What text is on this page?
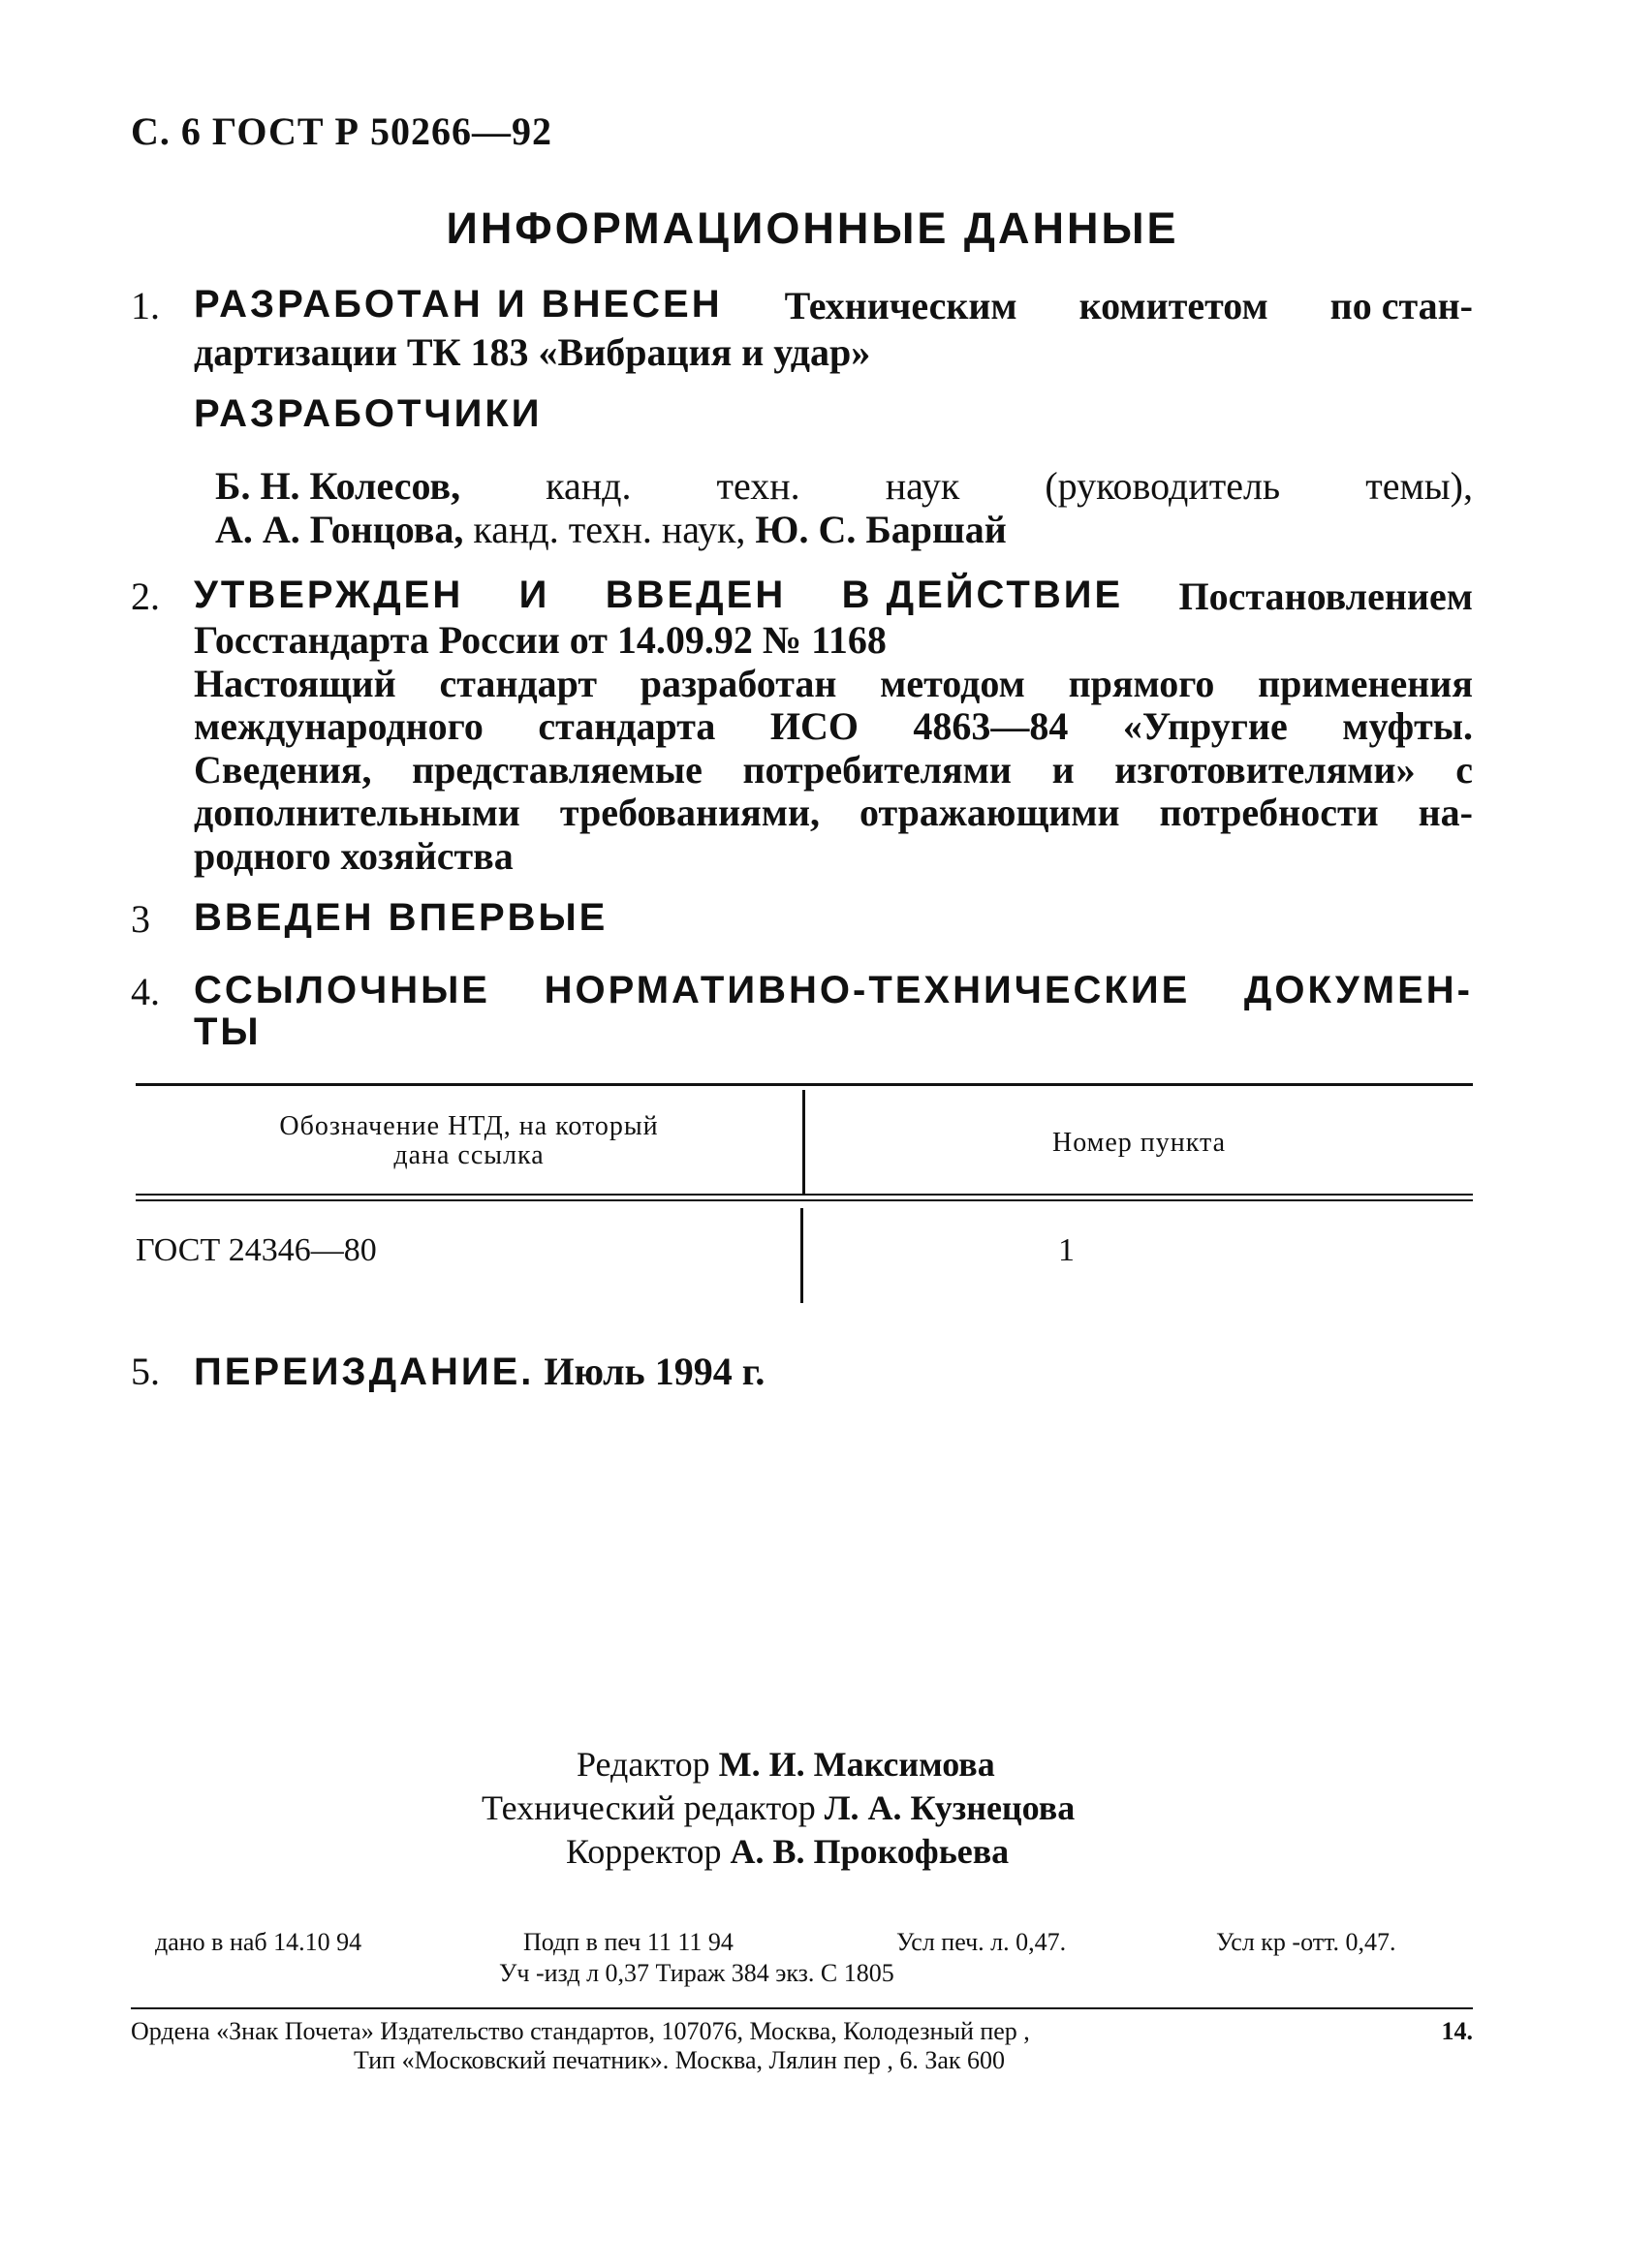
С. 6 ГОСТ Р 50266—92
ИНФОРМАЦИОННЫЕ ДАННЫЕ
1. РАЗРАБОТАН И ВНЕСЕН Техническим комитетом по стан-
дартизации ТК 183 «Вибрация и удар»
РАЗРАБОТЧИКИ
Б. Н. Колесов, канд. техн. наук (руководитель темы),
А. А. Гонцова, канд. техн. наук, Ю. С. Баршай
2. УТВЕРЖДЕН И ВВЕДЕН В ДЕЙСТВИЕ Постановлением
Госстандарта России от 14.09.92 № 1168
Настоящий стандарт разработан методом прямого применения
международного стандарта ИСО 4863—84 «Упругие муфты.
Сведения, представляемые потребителями и изготовителями» с
дополнительными требованиями, отражающими потребности на-
родного хозяйства
3 ВВЕДЕН ВПЕРВЫЕ
4. ССЫЛОЧНЫЕ НОРМАТИВНО-ТЕХНИЧЕСКИЕ ДОКУМЕН-
ТЫ
Обозначение НТД, на который
дана ссылка	Номер пункта
ГОСТ 24346—80	1
5. ПЕРЕИЗДАНИЕ. Июль 1994 г.
Редактор М. И. Максимова
Технический редактор Л. А. Кузнецова
Корректор А. В. Прокофьева
дано в наб 14.10 94	Подп в печ 11 11 94	Усл печ. л. 0,47.	Усл кр -отт. 0,47.
Уч -изд л 0,37 Тираж 384 экз. С 1805
Ордена «Знак Почета» Издательство стандартов, 107076, Москва, Колодезный пер ,	14.
Тип «Московский печатник». Москва, Лялин пер , 6. Зак 600
